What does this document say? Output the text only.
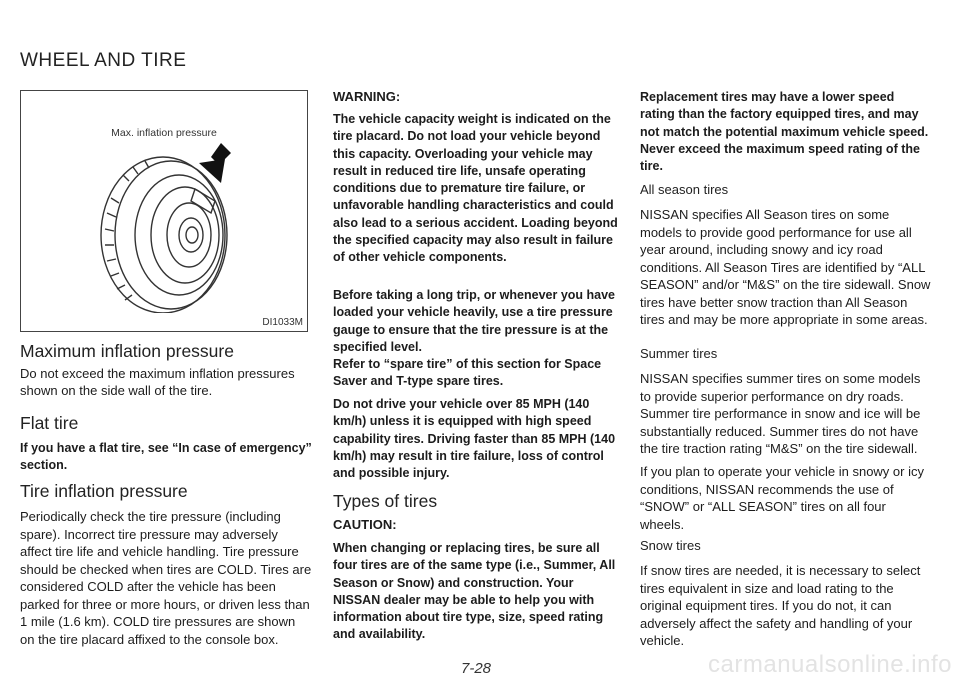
WHEEL AND TIRE
Max. inflation pressure
DI1033M
Maximum inflation pressure
Do not exceed the maximum inflation pressures shown on the side wall of the tire.
Flat tire
If you have a flat tire, see “In case of emergency” section.
Tire inflation pressure
Periodically check the tire pressure (including spare). Incorrect tire pressure may adversely affect tire life and vehicle handling. Tire pressure should be checked when tires are COLD. Tires are considered COLD after the vehicle has been parked for three or more hours, or driven less than 1 mile (1.6 km). COLD tire pressures are shown on the tire placard affixed to the console box.
WARNING:
The vehicle capacity weight is indicated on the tire placard. Do not load your vehicle beyond this capacity. Overloading your vehicle may result in reduced tire life, unsafe operating conditions due to premature tire failure, or unfavorable handling characteristics and could also lead to a serious accident. Loading beyond the specified capacity may also result in failure of other vehicle components.
Before taking a long trip, or whenever you have loaded your vehicle heavily, use a tire pressure gauge to ensure that the tire pressure is at the specified level.
Refer to “spare tire” of this section for Space Saver and T-type spare tires.
Do not drive your vehicle over 85 MPH (140 km/h) unless it is equipped with high speed capability tires. Driving faster than 85 MPH (140 km/h) may result in tire failure, loss of control and possible injury.
Types of tires
CAUTION:
When changing or replacing tires, be sure all four tires are of the same type (i.e., Summer, All Season or Snow) and construction. Your NISSAN dealer may be able to help you with information about tire type, size, speed rating and availability.
Replacement tires may have a lower speed rating than the factory equipped tires, and may not match the potential maximum vehicle speed. Never exceed the maximum speed rating of the tire.
All season tires
NISSAN specifies All Season tires on some models to provide good performance for use all year around, including snowy and icy road conditions. All Season Tires are identified by “ALL SEASON” and/or “M&S” on the tire sidewall. Snow tires have better snow traction than All Season tires and may be more appropriate in some areas.
Summer tires
NISSAN specifies summer tires on some models to provide superior performance on dry roads. Summer tire performance in snow and ice will be substantially reduced. Summer tires do not have the tire traction rating “M&S” on the tire sidewall.
If you plan to operate your vehicle in snowy or icy conditions, NISSAN recommends the use of “SNOW” or “ALL SEASON” tires on all four wheels.
Snow tires
If snow tires are needed, it is necessary to select tires equivalent in size and load rating to the original equipment tires. If you do not, it can adversely affect the safety and handling of your vehicle.
7-28	carmanualsonline.info
